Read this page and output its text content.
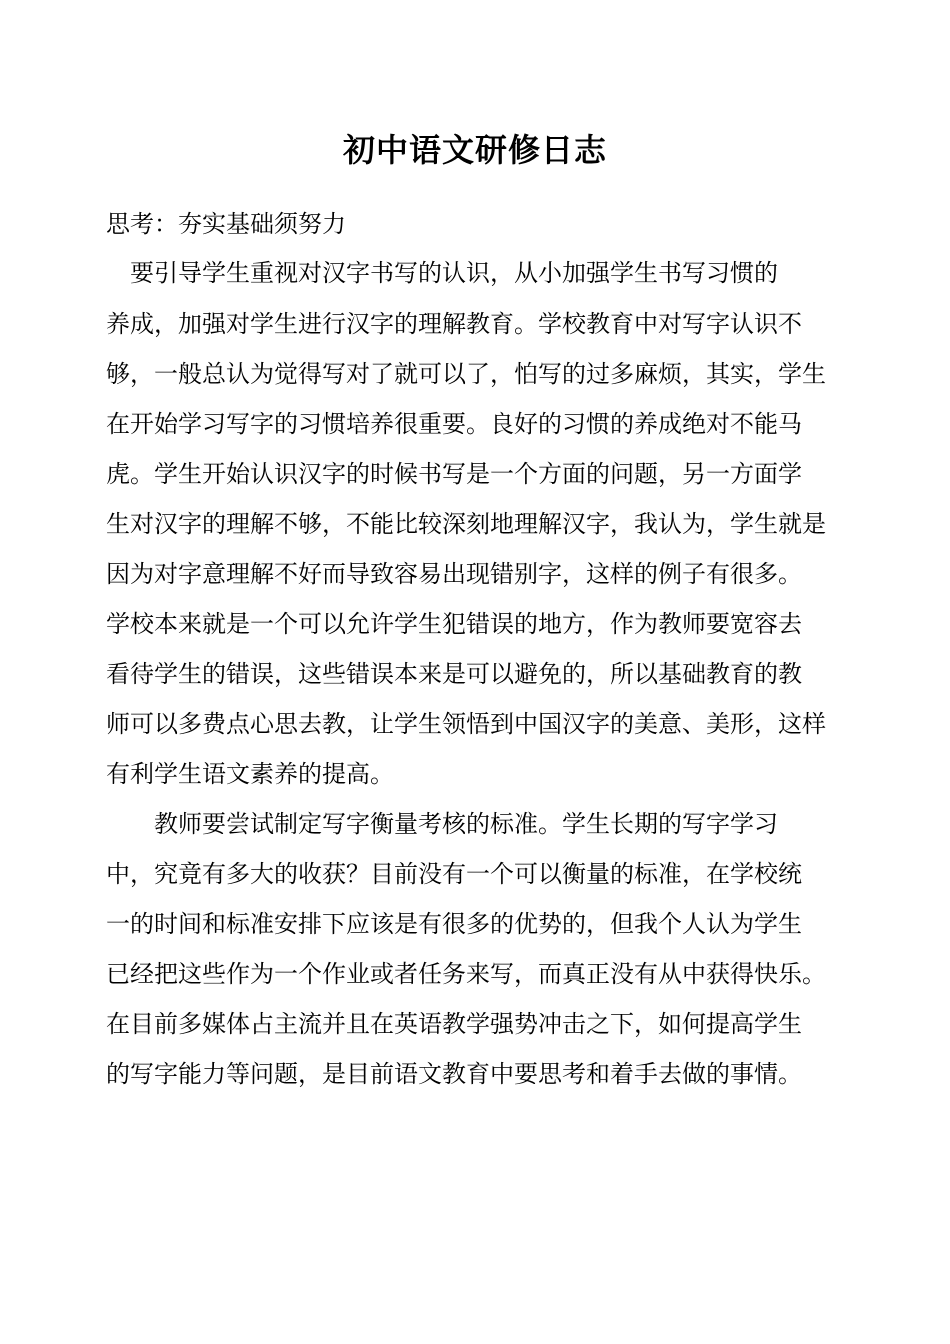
初中语文研修日志
思考：夯实基础须努力
　要引导学生重视对汉字书写的认识，从小加强学生书写习惯的
养成，加强对学生进行汉字的理解教育。学校教育中对写字认识不
够，一般总认为觉得写对了就可以了，怕写的过多麻烦，其实，学生
在开始学习写字的习惯培养很重要。良好的习惯的养成绝对不能马
虎。学生开始认识汉字的时候书写是一个方面的问题，另一方面学
生对汉字的理解不够，不能比较深刻地理解汉字，我认为，学生就是
因为对字意理解不好而导致容易出现错别字，这样的例子有很多。
学校本来就是一个可以允许学生犯错误的地方，作为教师要宽容去
看待学生的错误，这些错误本来是可以避免的，所以基础教育的教
师可以多费点心思去教，让学生领悟到中国汉字的美意、美形，这样
有利学生语文素养的提高。
　　教师要尝试制定写字衡量考核的标准。学生长期的写字学习
中，究竟有多大的收获？目前没有一个可以衡量的标准，在学校统
一的时间和标准安排下应该是有很多的优势的，但我个人认为学生
已经把这些作为一个作业或者任务来写，而真正没有从中获得快乐。
在目前多媒体占主流并且在英语教学强势冲击之下，如何提高学生
的写字能力等问题，是目前语文教育中要思考和着手去做的事情。
